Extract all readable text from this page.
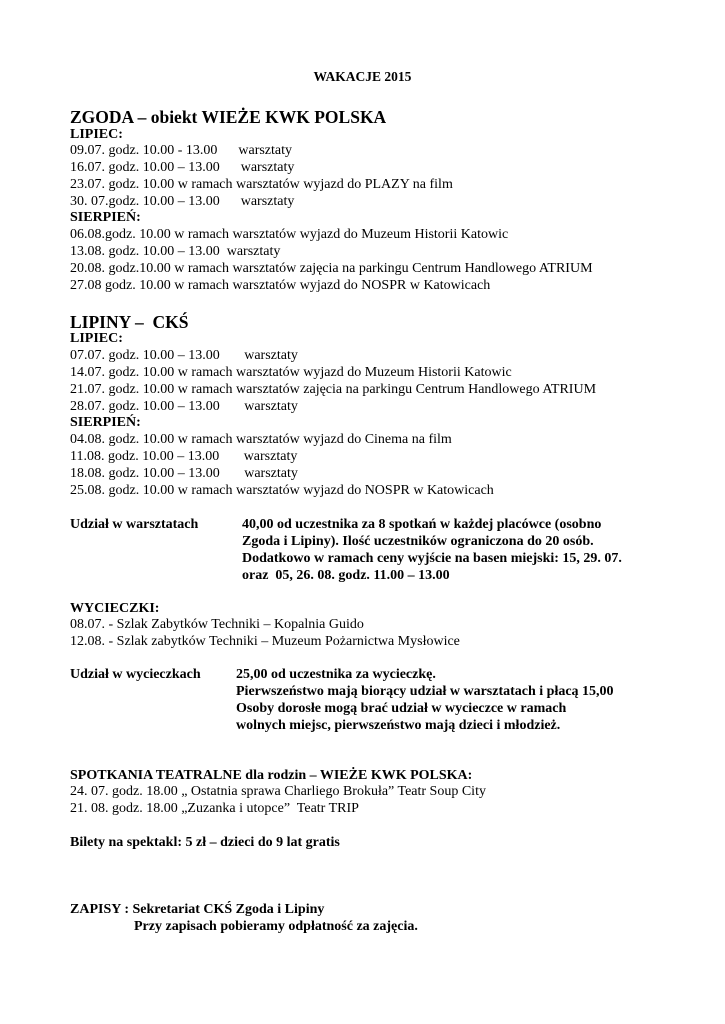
WAKACJE 2015
ZGODA – obiekt WIEŻE KWK POLSKA
LIPIEC:
09.07. godz. 10.00 - 13.00      warsztaty
16.07. godz. 10.00 – 13.00      warsztaty
23.07. godz. 10.00 w ramach warsztatów wyjazd do PLAZY na film
30. 07.godz. 10.00 – 13.00      warsztaty
SIERPIEŃ:
06.08.godz. 10.00 w ramach warsztatów wyjazd do Muzeum Historii Katowic
13.08. godz. 10.00 – 13.00  warsztaty
20.08. godz.10.00 w ramach warsztatów zajęcia na parkingu Centrum Handlowego ATRIUM
27.08 godz. 10.00 w ramach warsztatów wyjazd do NOSPR w Katowicach
LIPINY –  CKŚ
LIPIEC:
07.07. godz. 10.00 – 13.00       warsztaty
14.07. godz. 10.00 w ramach warsztatów wyjazd do Muzeum Historii Katowic
21.07. godz. 10.00 w ramach warsztatów zajęcia na parkingu Centrum Handlowego ATRIUM
28.07. godz. 10.00 – 13.00       warsztaty
SIERPIEŃ:
04.08. godz. 10.00 w ramach warsztatów wyjazd do Cinema na film
11.08. godz. 10.00 – 13.00       warsztaty
18.08. godz. 10.00 – 13.00       warsztaty
25.08. godz. 10.00 w ramach warsztatów wyjazd do NOSPR w Katowicach
Udział w warsztatach	40,00 od uczestnika za 8 spotkań w każdej placówce (osobno
Zgoda i Lipiny). Ilość uczestników ograniczona do 20 osób.
Dodatkowo w ramach ceny wyjście na basen miejski: 15, 29. 07.
oraz  05, 26. 08. godz. 11.00 – 13.00
WYCIECZKI:
08.07. - Szlak Zabytków Techniki – Kopalnia Guido
12.08. - Szlak zabytków Techniki – Muzeum Pożarnictwa Mysłowice
Udział w wycieczkach	25,00 od uczestnika za wycieczkę.
Pierwszeństwo mają biorący udział w warsztatach i płacą 15,00
Osoby dorosłe mogą brać udział w wycieczce w ramach
wolnych miejsc, pierwszeństwo mają dzieci i młodzież.
SPOTKANIA TEATRALNE dla rodzin – WIEŻE KWK POLSKA:
24. 07. godz. 18.00 „ Ostatnia sprawa Charliego Brokuła” Teatr Soup City
21. 08. godz. 18.00 „Zuzanka i utopce”  Teatr TRIP
Bilety na spektakl: 5 zł – dzieci do 9 lat gratis
ZAPISY : Sekretariat CKŚ Zgoda i Lipiny
Przy zapisach pobieramy odpłatność za zajęcia.
